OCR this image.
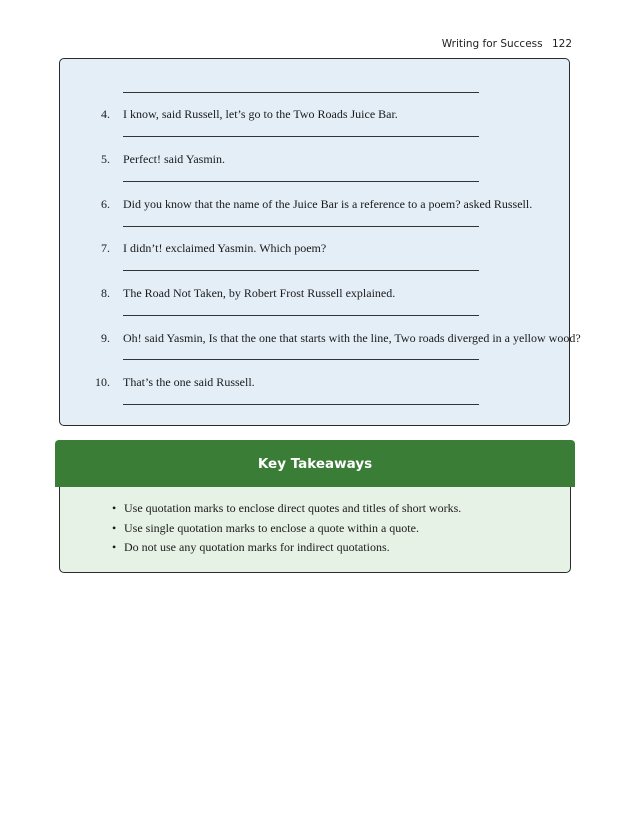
Writing for Success 122
4. I know, said Russell, let’s go to the Two Roads Juice Bar.
5. Perfect! said Yasmin.
6. Did you know that the name of the Juice Bar is a reference to a poem? asked Russell.
7. I didn’t! exclaimed Yasmin. Which poem?
8. The Road Not Taken, by Robert Frost Russell explained.
9. Oh! said Yasmin, Is that the one that starts with the line, Two roads diverged in a yellow wood?
10. That’s the one said Russell.
Key Takeaways
• Use quotation marks to enclose direct quotes and titles of short works.
• Use single quotation marks to enclose a quote within a quote.
• Do not use any quotation marks for indirect quotations.
